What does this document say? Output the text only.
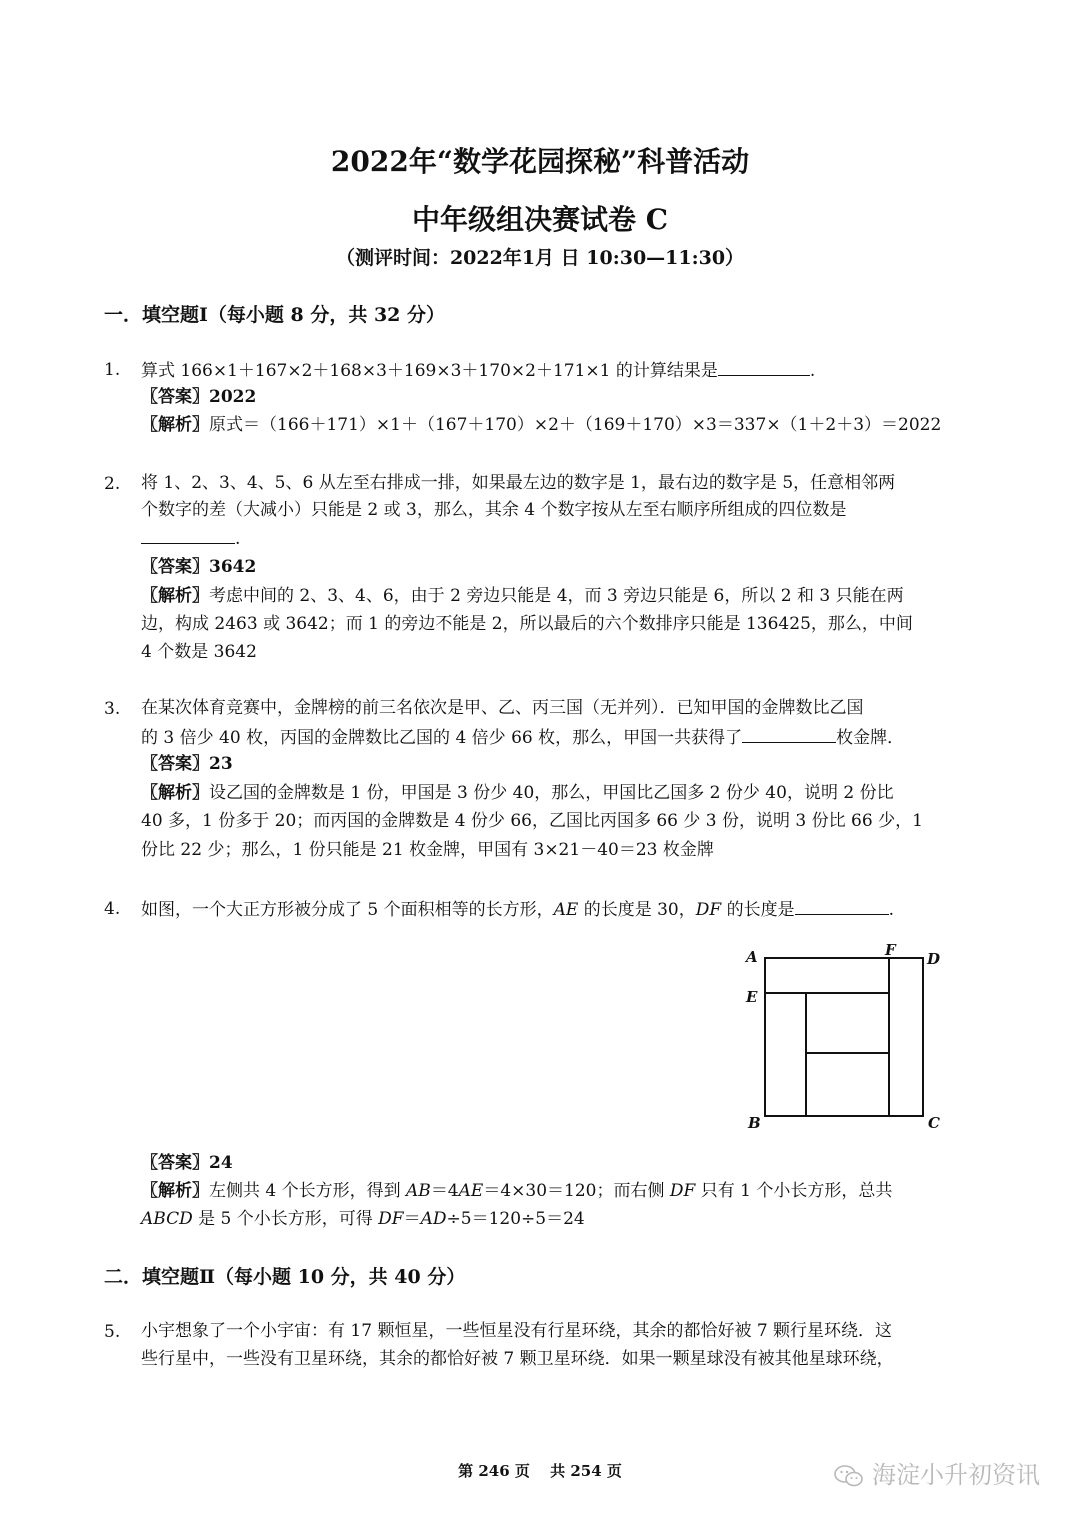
2022年“数学花园探秘”科普活动
中年级组决赛试卷 C
（测评时间：2022年1月 日 10:30—11:30）
一．填空题Ⅰ（每小题 8 分，共 32 分）
1. 算式 166×1＋167×2＋168×3＋169×3＋170×2＋171×1 的计算结果是	.
〖答案〗2022
〖解析〗原式＝（166＋171）×1＋（167＋170）×2＋（169＋170）×3＝337×（1＋2＋3）＝2022
2. 将 1、2、3、4、5、6 从左至右排成一排，如果最左边的数字是 1，最右边的数字是 5，任意相邻两
个数字的差（大减小）只能是 2 或 3，那么，其余 4 个数字按从左至右顺序所组成的四位数是
.
〖答案〗3642
〖解析〗考虑中间的 2、3、4、6，由于 2 旁边只能是 4，而 3 旁边只能是 6，所以 2 和 3 只能在两
边，构成 2463 或 3642；而 1 的旁边不能是 2，所以最后的六个数排序只能是 136425，那么，中间
4 个数是 3642
3. 在某次体育竞赛中，金牌榜的前三名依次是甲、乙、丙三国（无并列）．已知甲国的金牌数比乙国
的 3 倍少 40 枚，丙国的金牌数比乙国的 4 倍少 66 枚，那么，甲国一共获得了	枚金牌．
〖答案〗23
〖解析〗设乙国的金牌数是 1 份，甲国是 3 份少 40，那么，甲国比乙国多 2 份少 40，说明 2 份比
40 多，1 份多于 20；而丙国的金牌数是 4 份少 66，乙国比丙国多 66 少 3 份，说明 3 份比 66 少，1
份比 22 少；那么，1 份只能是 21 枚金牌，甲国有 3×21－40＝23 枚金牌
4. 如图，一个大正方形被分成了 5 个面积相等的长方形，AE 的长度是 30，DF 的长度是	.
A	F D
E
B	C
〖答案〗24
〖解析〗左侧共 4 个长方形，得到 AB＝4AE＝4×30＝120；而右侧 DF 只有 1 个小长方形，总共
ABCD 是 5 个小长方形，可得 DF＝AD÷5＝120÷5＝24
二．填空题Ⅱ（每小题 10 分，共 40 分）
5. 小宇想象了一个小宇宙：有 17 颗恒星，一些恒星没有行星环绕，其余的都恰好被 7 颗行星环绕．这
些行星中，一些没有卫星环绕，其余的都恰好被 7 颗卫星环绕．如果一颗星球没有被其他星球环绕，
第 246 页　 共 254 页	海淀小升初资讯
